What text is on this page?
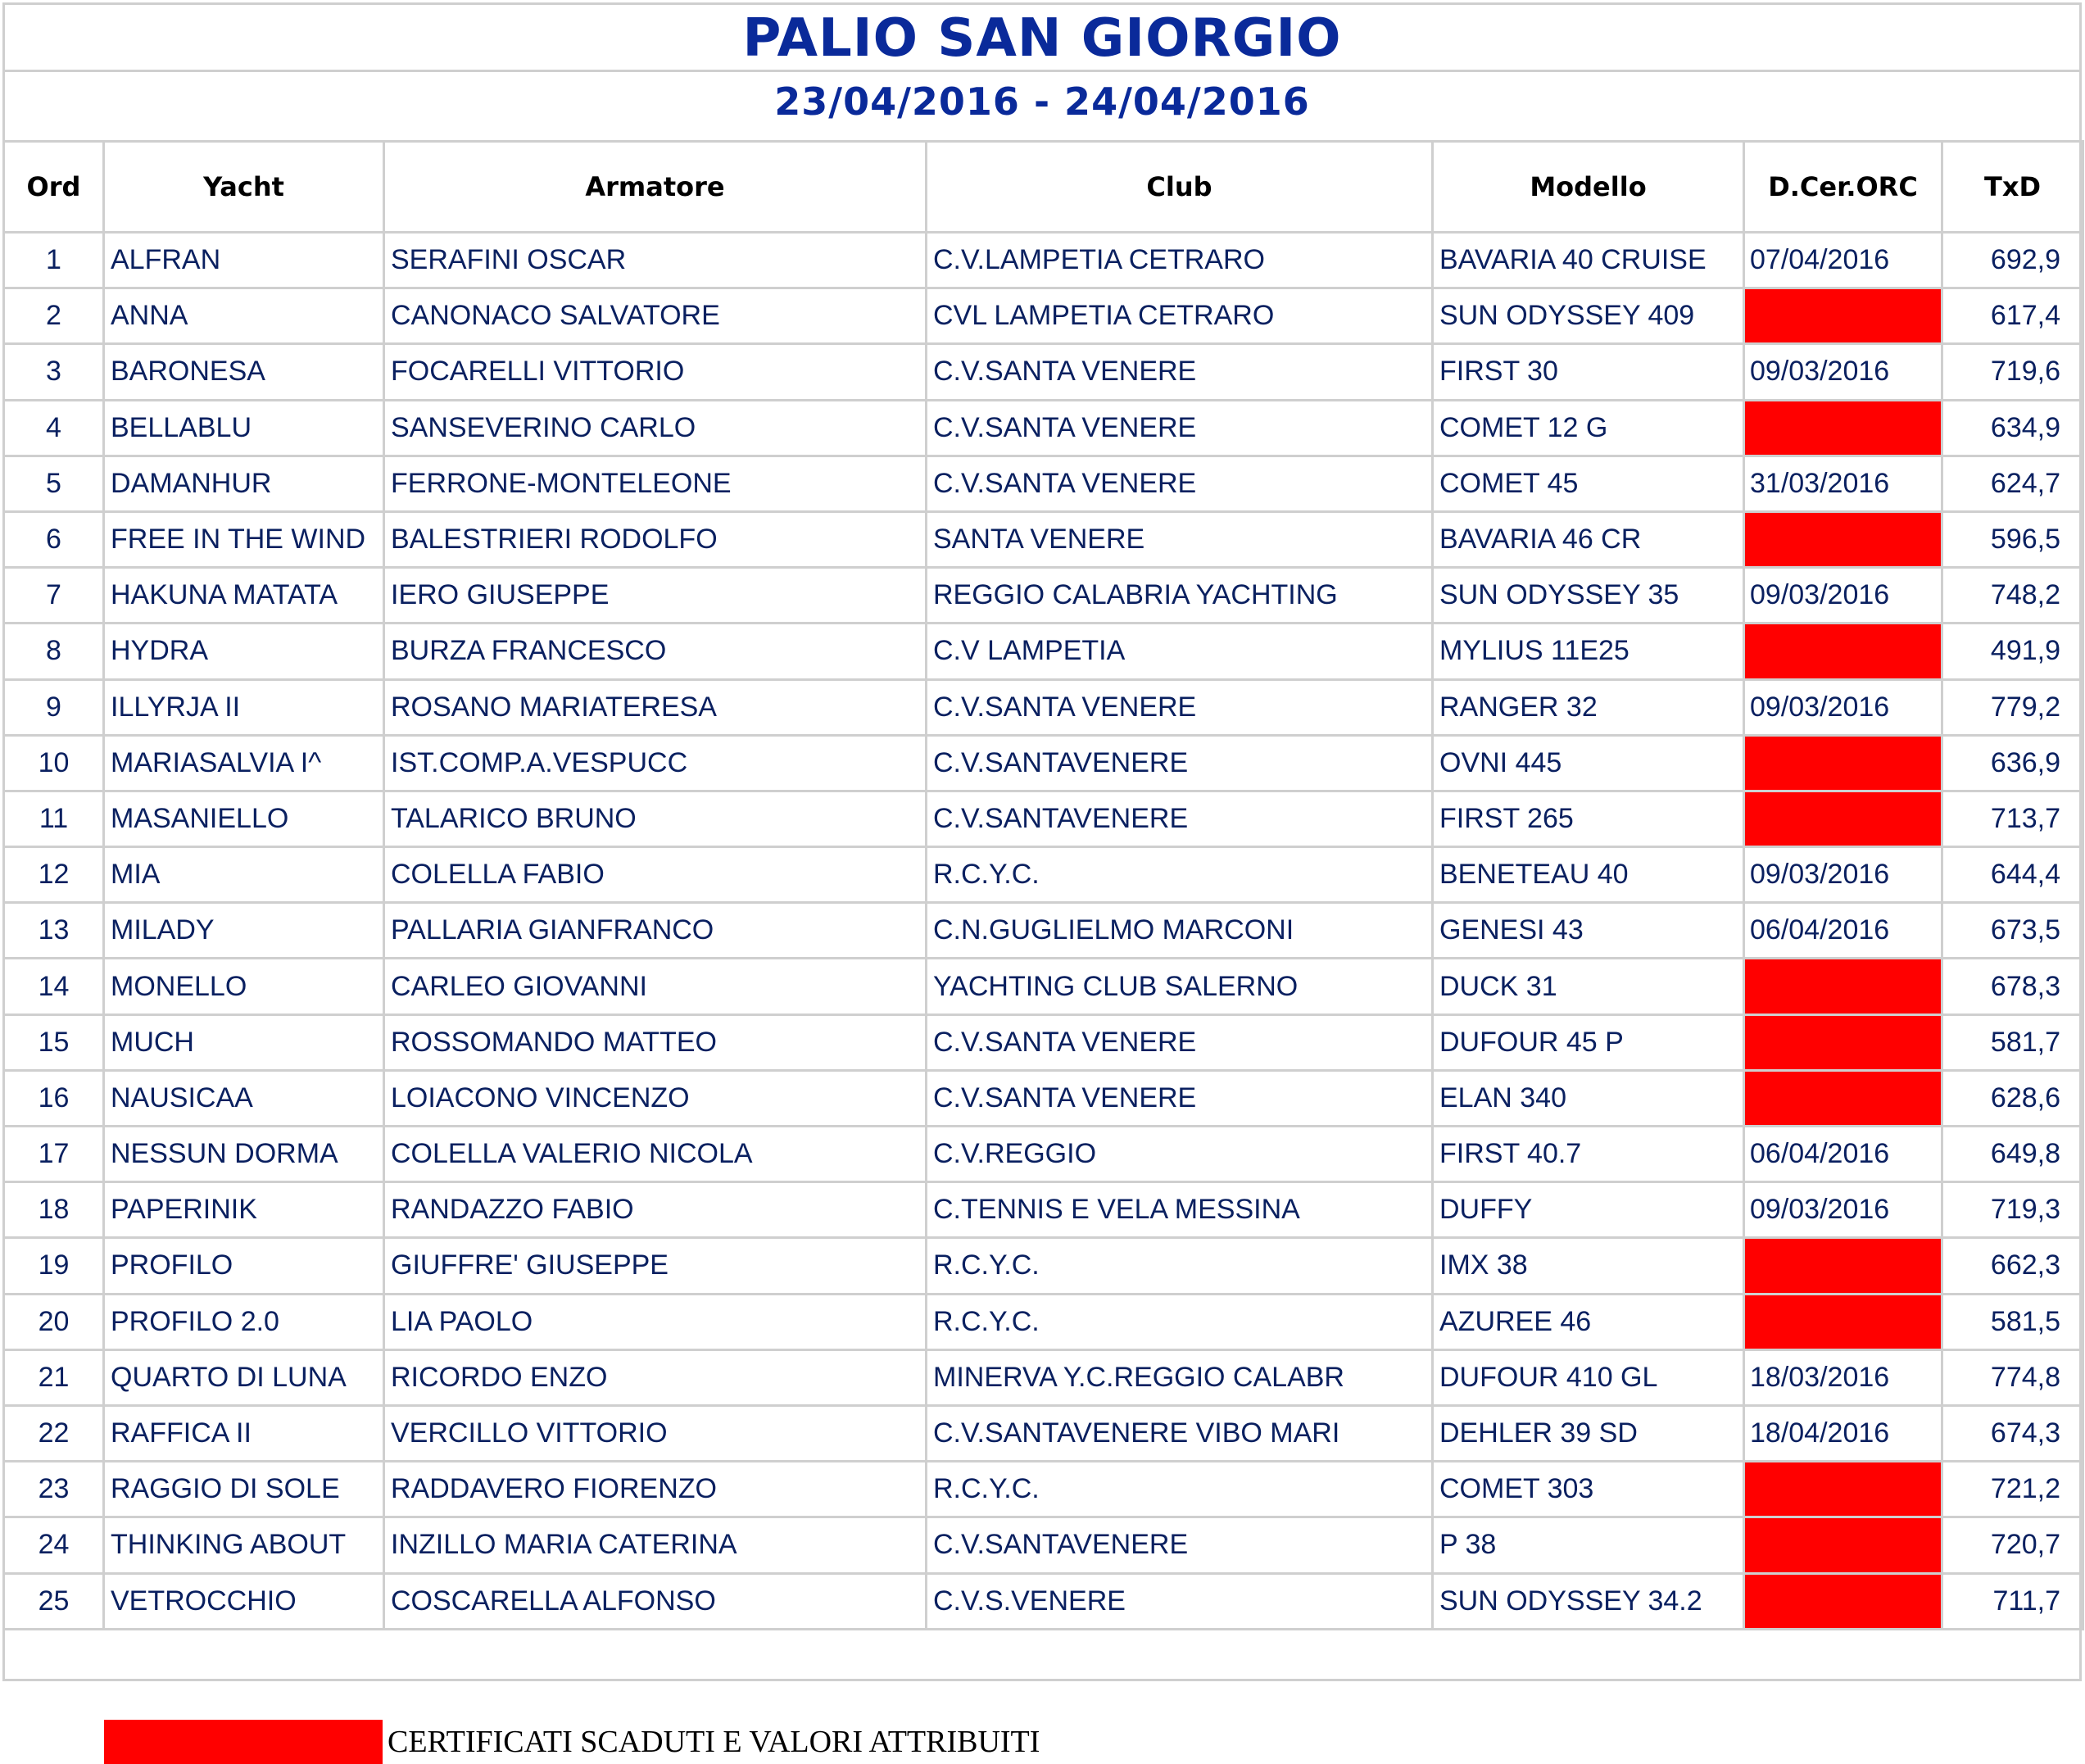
PALIO SAN GIORGIO
23/04/2016 - 24/04/2016
Ord	Yacht	Armatore	Club	Modello	D.Cer.ORC	TxD
1	ALFRAN	SERAFINI OSCAR	C.V.LAMPETIA CETRARO	BAVARIA 40 CRUISE	07/04/2016	692,9
2	ANNA	CANONACO SALVATORE	CVL LAMPETIA CETRARO	SUN ODYSSEY 409		617,4
3	BARONESA	FOCARELLI VITTORIO	C.V.SANTA VENERE	FIRST 30	09/03/2016	719,6
4	BELLABLU	SANSEVERINO CARLO	C.V.SANTA VENERE	COMET 12 G		634,9
5	DAMANHUR	FERRONE-MONTELEONE	C.V.SANTA VENERE	COMET 45	31/03/2016	624,7
6	FREE IN THE WIND	BALESTRIERI RODOLFO	SANTA VENERE	BAVARIA 46 CR		596,5
7	HAKUNA MATATA	IERO GIUSEPPE	REGGIO CALABRIA YACHTING	SUN ODYSSEY 35	09/03/2016	748,2
8	HYDRA	BURZA FRANCESCO	C.V LAMPETIA	MYLIUS 11E25		491,9
9	ILLYRJA II	ROSANO MARIATERESA	C.V.SANTA VENERE	RANGER 32	09/03/2016	779,2
10	MARIASALVIA I^	IST.COMP.A.VESPUCC	C.V.SANTAVENERE	OVNI 445		636,9
11	MASANIELLO	TALARICO BRUNO	C.V.SANTAVENERE	FIRST 265		713,7
12	MIA	COLELLA FABIO	R.C.Y.C.	BENETEAU 40	09/03/2016	644,4
13	MILADY	PALLARIA GIANFRANCO	C.N.GUGLIELMO MARCONI	GENESI 43	06/04/2016	673,5
14	MONELLO	CARLEO GIOVANNI	YACHTING CLUB SALERNO	DUCK 31		678,3
15	MUCH	ROSSOMANDO MATTEO	C.V.SANTA VENERE	DUFOUR 45 P		581,7
16	NAUSICAA	LOIACONO VINCENZO	C.V.SANTA VENERE	ELAN 340		628,6
17	NESSUN DORMA	COLELLA VALERIO NICOLA	C.V.REGGIO	FIRST 40.7	06/04/2016	649,8
18	PAPERINIK	RANDAZZO FABIO	C.TENNIS E VELA MESSINA	DUFFY	09/03/2016	719,3
19	PROFILO	GIUFFRE' GIUSEPPE	R.C.Y.C.	IMX 38		662,3
20	PROFILO 2.0	LIA PAOLO	R.C.Y.C.	AZUREE 46		581,5
21	QUARTO DI LUNA	RICORDO ENZO	MINERVA Y.C.REGGIO CALABR	DUFOUR 410 GL	18/03/2016	774,8
22	RAFFICA II	VERCILLO VITTORIO	C.V.SANTAVENERE VIBO MARI	DEHLER 39 SD	18/04/2016	674,3
23	RAGGIO DI SOLE	RADDAVERO FIORENZO	R.C.Y.C.	COMET 303		721,2
24	THINKING ABOUT	INZILLO MARIA CATERINA	C.V.SANTAVENERE	P 38		720,7
25	VETROCCHIO	COSCARELLA ALFONSO	C.V.S.VENERE	SUN ODYSSEY 34.2		711,7
CERTIFICATI SCADUTI E VALORI ATTRIBUITI
